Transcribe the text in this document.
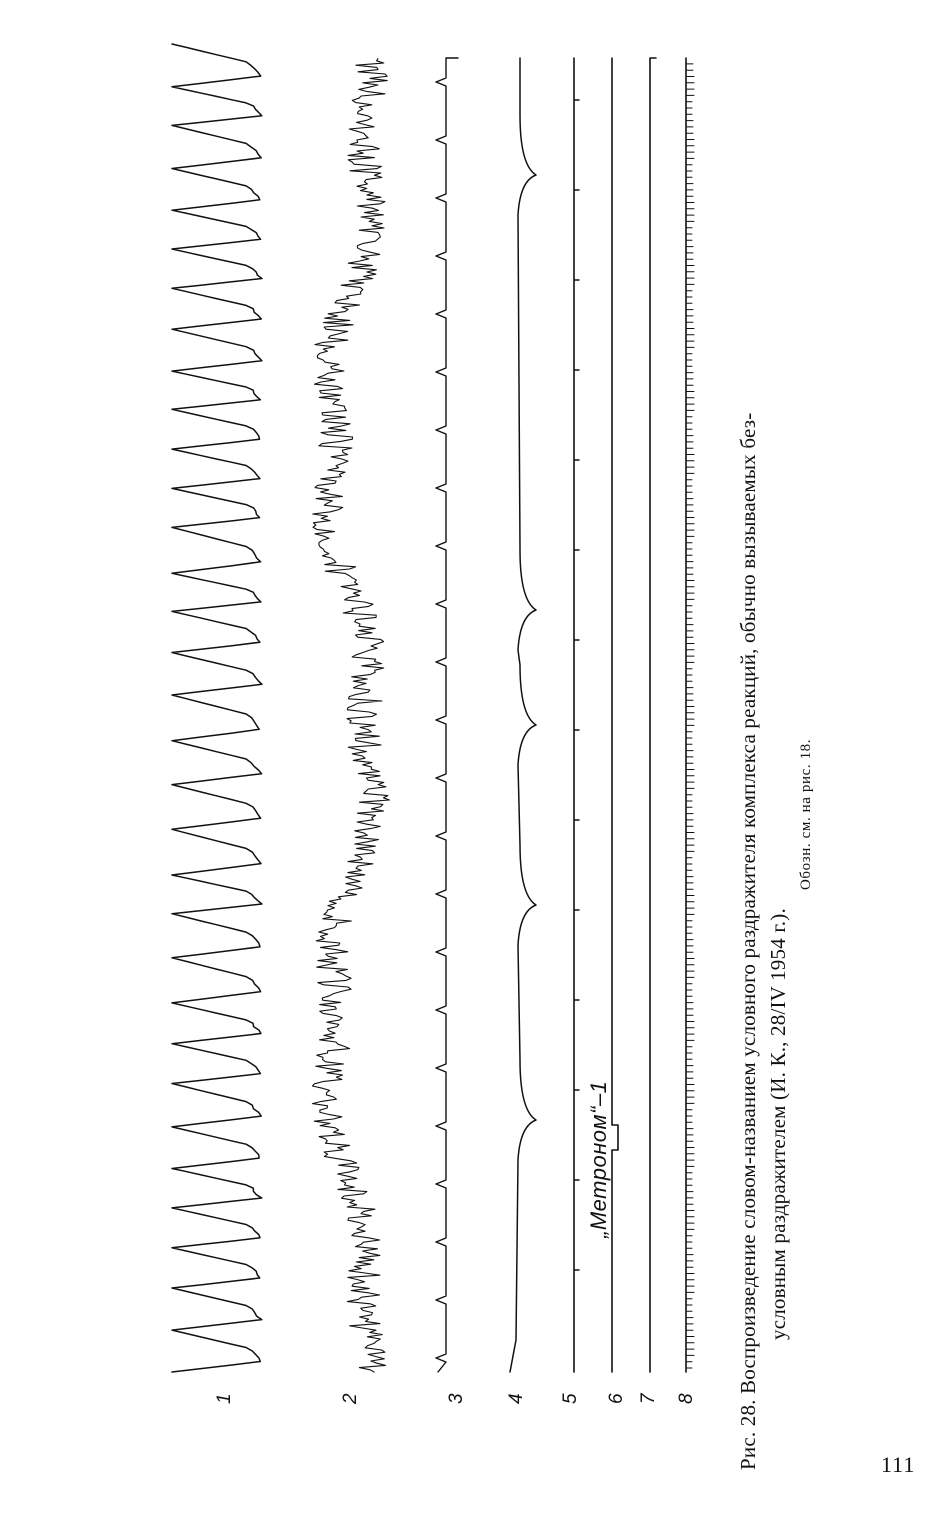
1	2	3 4 5 6 7 8
„Метроном“–1	Рис. 28. Воспроизведение словом-названием условного раздражителя комплекса реакций, обычно вызываемых без- условным раздражителем (И. К., 28/IV 1954 г.).
Обозн. см. на рис. 18.
111
